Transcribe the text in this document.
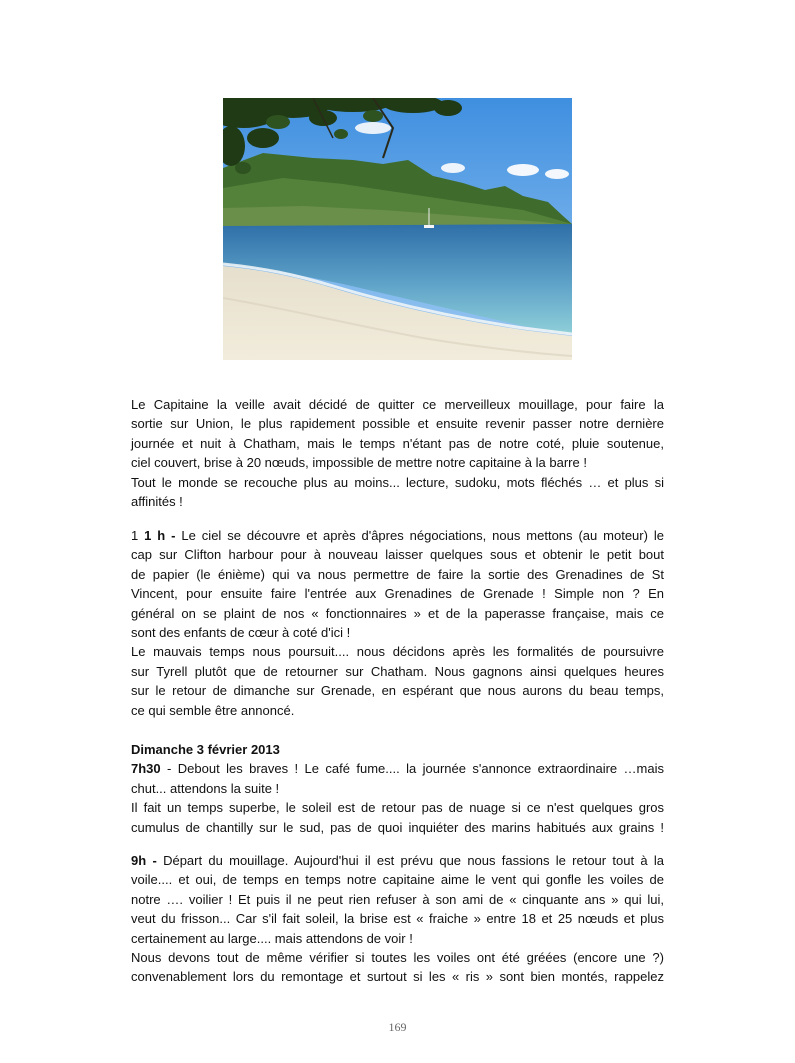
Le Capitaine la veille avait décidé de quitter ce merveilleux mouillage, pour faire la

sortie sur Union, le plus rapidement possible et ensuite revenir passer notre dernière

journée et nuit à Chatham, mais le temps n'étant pas de notre coté, pluie soutenue,

ciel couvert, brise à 20 nœuds, impossible de mettre notre capitaine à la barre !

Tout le monde se recouche plus au moins... lecture, sudoku, mots fléchés … et plus si

affinités !

1 1 h - Le ciel se découvre et après d'âpres négociations, nous mettons (au moteur) le

cap sur Clifton harbour pour à nouveau laisser quelques sous et obtenir le petit bout

de papier (le énième) qui va nous permettre de faire la sortie des Grenadines de St

Vincent, pour ensuite faire l'entrée aux Grenadines de Grenade ! Simple non ? En

général on se plaint de nos « fonctionnaires » et de la paperasse française, mais ce

sont des enfants de cœur à coté d'ici !

Le mauvais temps nous poursuit.... nous décidons après les formalités de poursuivre

sur Tyrell plutôt que de retourner sur Chatham. Nous gagnons ainsi quelques heures

sur le retour de dimanche sur Grenade, en espérant que nous aurons du beau temps,

ce qui semble être annoncé.

Dimanche 3 février 2013

7h30 - Debout les braves ! Le café fume.... la journée s'annonce extraordinaire …mais

chut... attendons la suite !

Il fait un temps superbe, le soleil est de retour pas de nuage si ce n'est quelques gros

cumulus de chantilly sur le sud, pas de quoi inquiéter des marins habitués aux grains !

9h - Départ du mouillage. Aujourd'hui il est prévu que nous fassions le retour tout à la

voile.... et oui, de temps en temps notre capitaine aime le vent qui gonfle les voiles de

notre …. voilier ! Et puis il ne peut rien refuser à son ami de « cinquante ans » qui lui,

veut du frisson... Car s'il fait soleil, la brise est « fraiche » entre 18 et 25 nœuds et plus

certainement au large.... mais attendons de voir !

Nous devons tout de même vérifier si toutes les voiles ont été gréées (encore une ?)

convenablement lors du remontage et surtout si les « ris » sont bien montés, rappelez

169
